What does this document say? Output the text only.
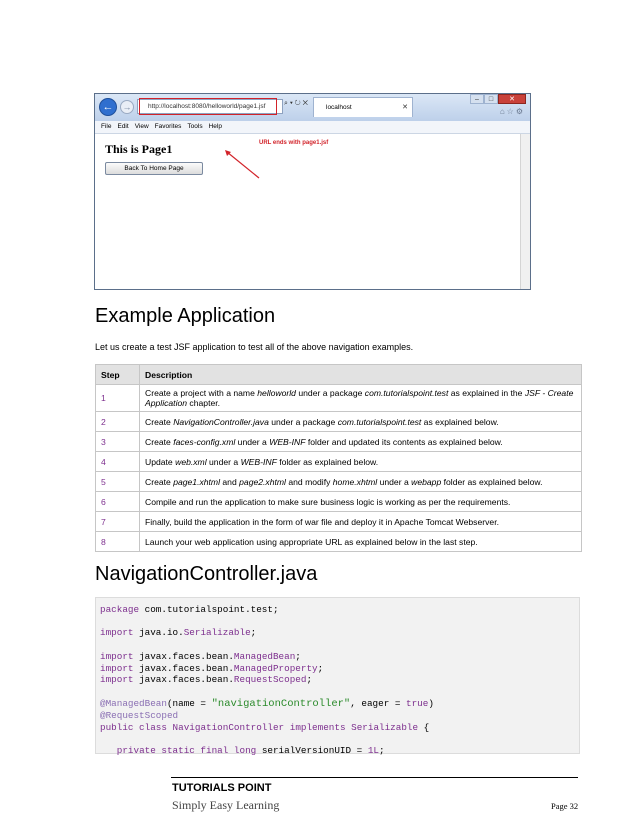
←	→	http://localhost:8080/helloworld/page1.jsf	⌕ ▾ ↻ ✕
localhost	✕
–	□	✕
⌂☆⚙
File Edit View Favorites Tools Help
This is Page1
Back To Home Page
URL ends with page1.jsf
Example Application
Let us create a test JSF application to test all of the above navigation examples.
Step	Description
1	Create a project with a name helloworld under a package com.tutorialspoint.test as explained in the JSF - Create Application chapter.
2	Create NavigationController.java under a package com.tutorialspoint.test as explained below.
3	Create faces-config.xml under a WEB-INF folder and updated its contents as explained below.
4	Update web.xml under a WEB-INF folder as explained below.
5	Create page1.xhtml and page2.xhtml and modify home.xhtml under a webapp folder as explained below.
6	Compile and run the application to make sure business logic is working as per the requirements.
7	Finally, build the application in the form of war file and deploy it in Apache Tomcat Webserver.
8	Launch your web application using appropriate URL as explained below in the last step.
NavigationController.java
package com.tutorialspoint.test;

import java.io.Serializable;

import javax.faces.bean.ManagedBean;
import javax.faces.bean.ManagedProperty;
import javax.faces.bean.RequestScoped;

@ManagedBean(name = "navigationController", eager = true)
@RequestScoped
public class NavigationController implements Serializable {

private static final long serialVersionUID = 1L;
TUTORIALS POINT
Simply Easy Learning	Page 32
